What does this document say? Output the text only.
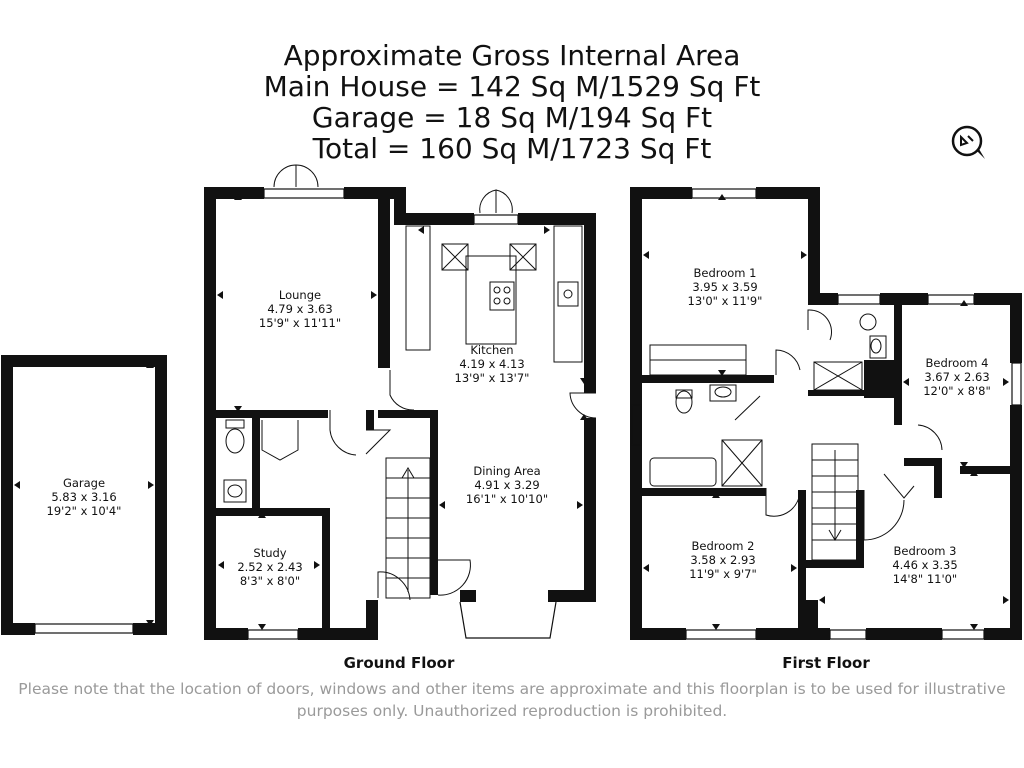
Approximate Gross Internal Area
Main House = 142 Sq M/1529 Sq Ft
Garage = 18 Sq M/194 Sq Ft
Total = 160 Sq M/1723 Sq Ft
Garage
5.83 x 3.16
19'2" x 10'4"
Lounge
4.79 x 3.63
15'9" x 11'11"
Kitchen
4.19 x 4.13
13'9" x 13'7"
Dining Area
4.91 x 3.29
16'1" x 10'10"
Study
2.52 x 2.43
8'3" x 8'0"
Bedroom 1
3.95 x 3.59
13'0" x 11'9"
Bedroom 4
3.67 x 2.63
12'0" x 8'8"
Bedroom 2
3.58 x 2.93
11'9" x 9'7"
Bedroom 3
4.46 x 3.35
14'8" 11'0"
Ground Floor	First Floor
Please note that the location of doors, windows and other items are approximate and this floorplan is to be used for illustrative
purposes only. Unauthorized reproduction is prohibited.
